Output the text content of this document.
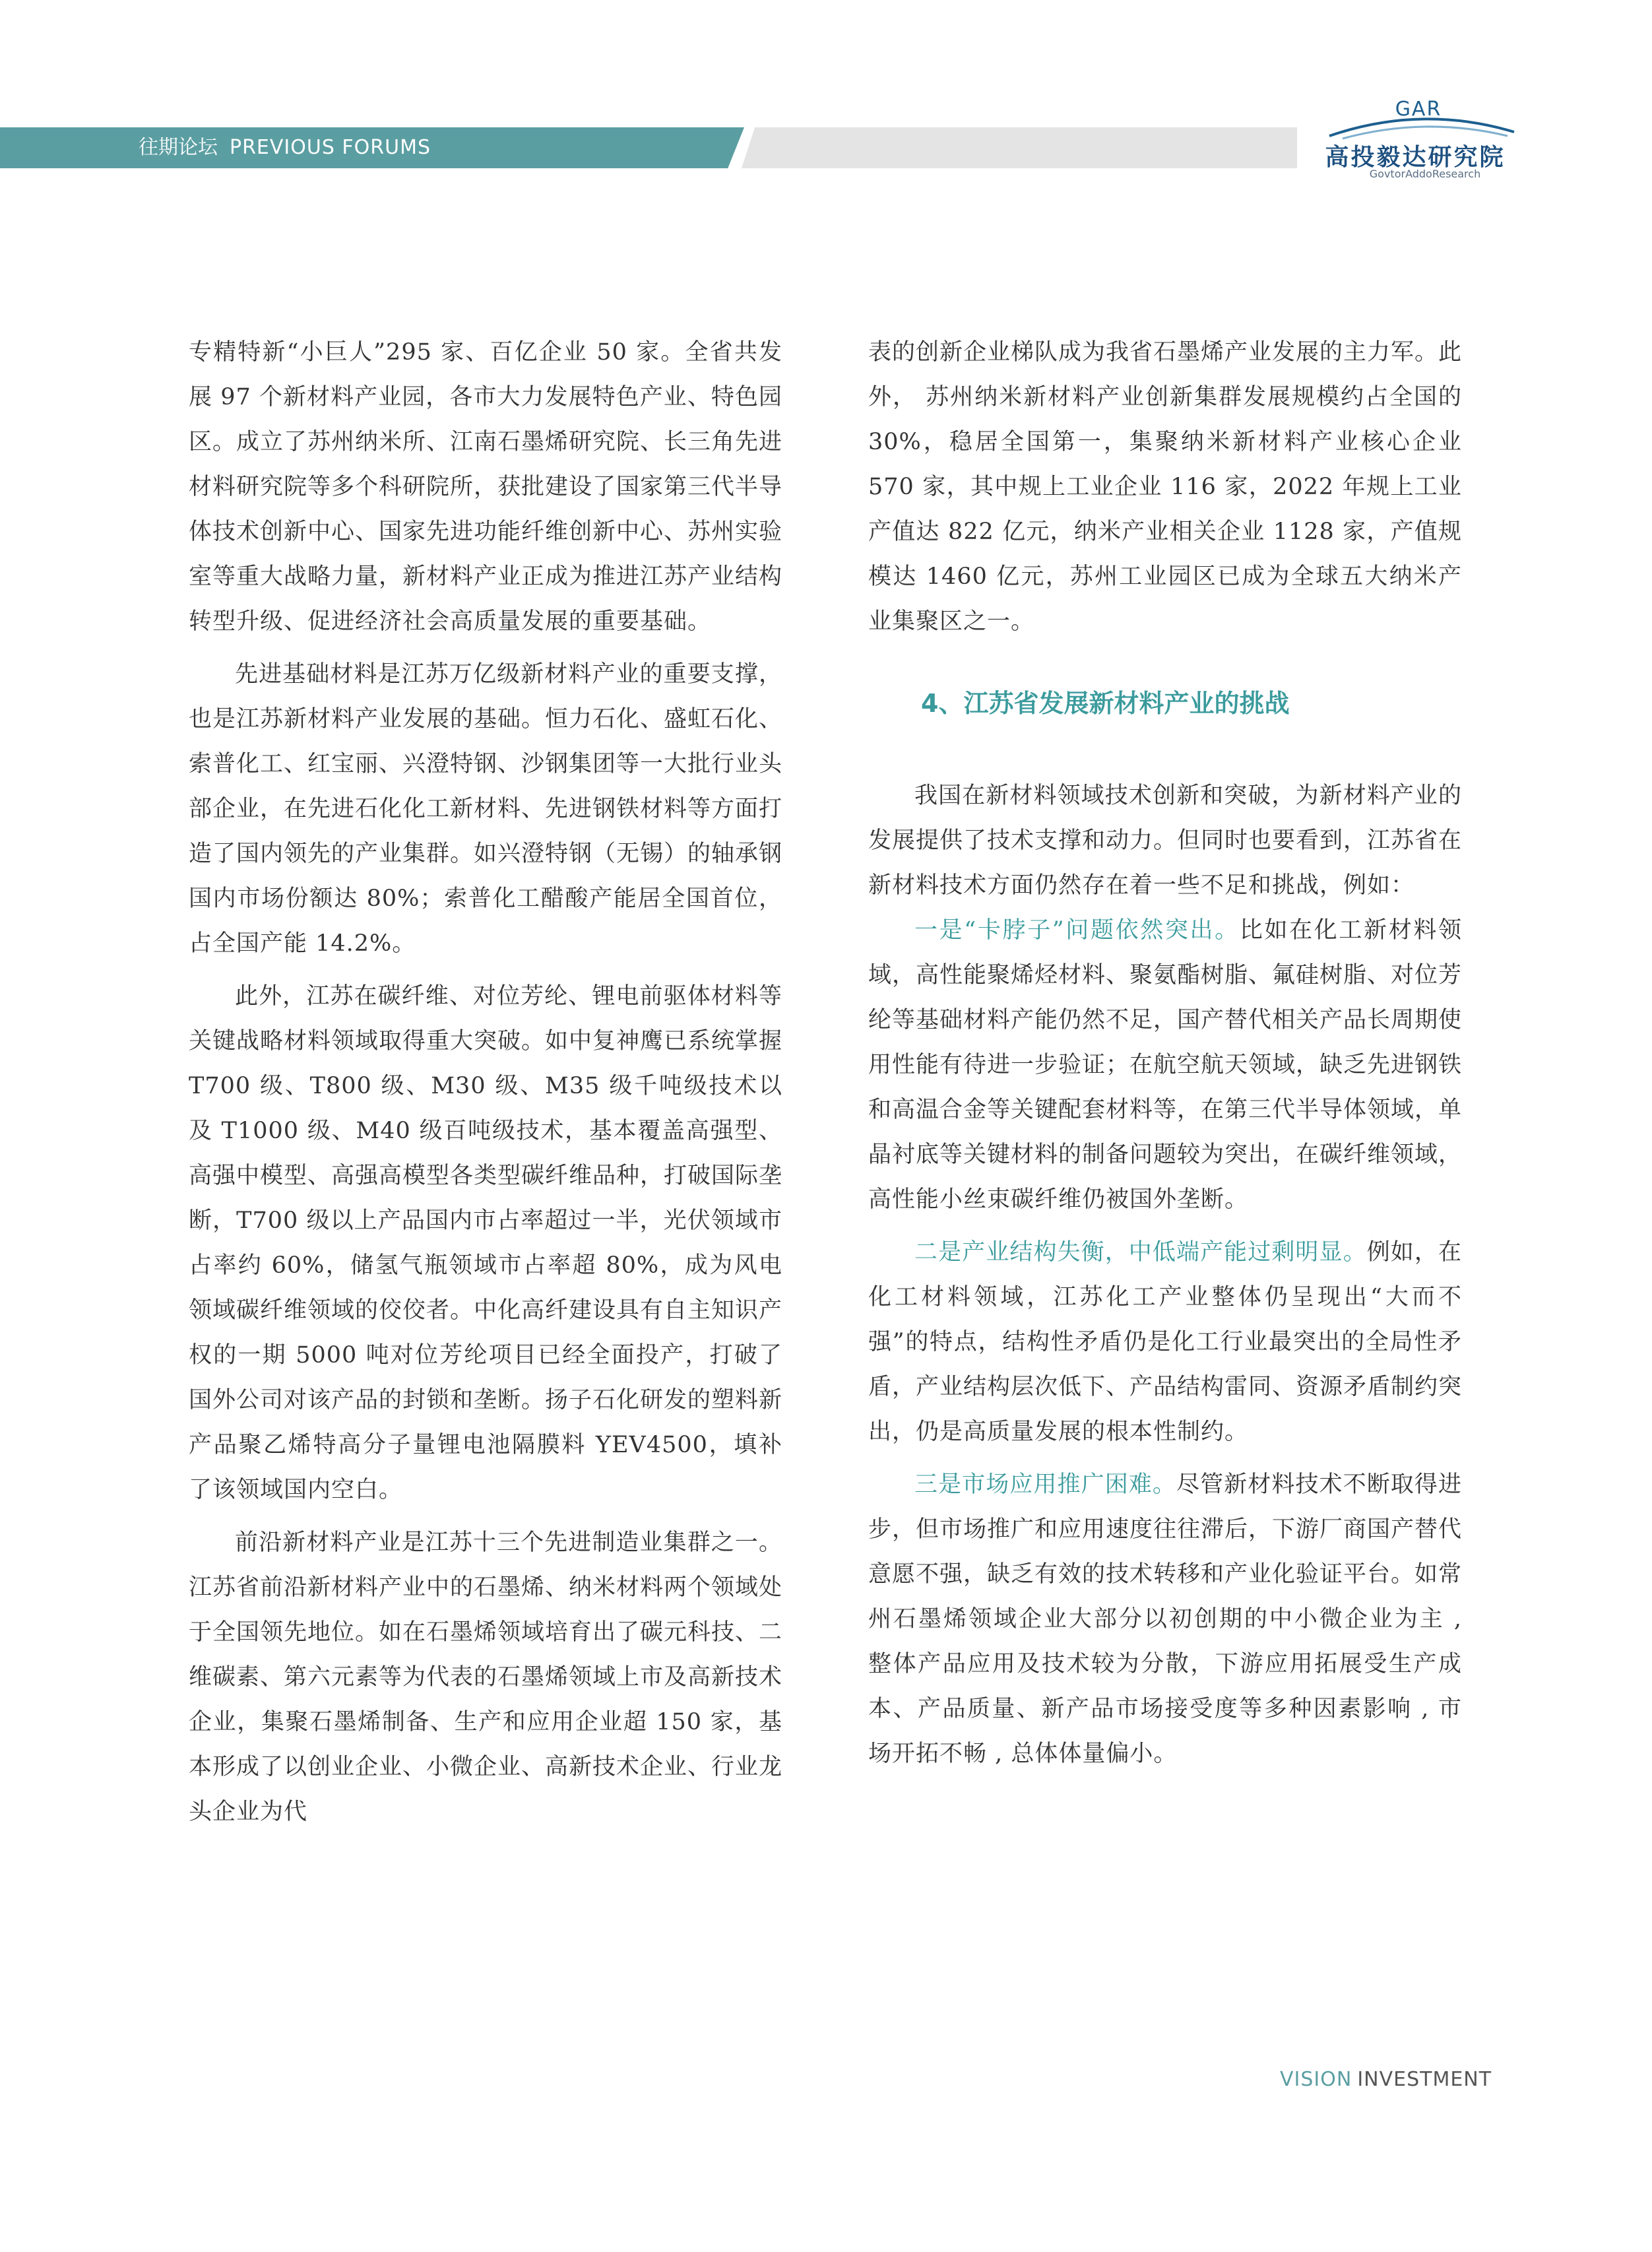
往期论坛 PREVIOUS FORUMS
GAR
高投毅达研究院
GovtorAddoResearch

专精特新“小巨人”295 家、百亿企业 50 家。全省共发展 97 个新材料产业园，各市大力发展特色产业、特色园区。成立了苏州纳米所、江南石墨烯研究院、长三角先进材料研究院等多个科研院所，获批建设了国家第三代半导体技术创新中心、国家先进功能纤维创新中心、苏州实验室等重大战略力量，新材料产业正成为推进江苏产业结构转型升级、促进经济社会高质量发展的重要基础。

先进基础材料是江苏万亿级新材料产业的重要支撑，也是江苏新材料产业发展的基础。恒力石化、盛虹石化、索普化工、红宝丽、兴澄特钢、沙钢集团等一大批行业头部企业，在先进石化化工新材料、先进钢铁材料等方面打造了国内领先的产业集群。如兴澄特钢（无锡）的轴承钢国内市场份额达 80%；索普化工醋酸产能居全国首位，占全国产能 14.2%。

此外，江苏在碳纤维、对位芳纶、锂电前驱体材料等关键战略材料领域取得重大突破。如中复神鹰已系统掌握 T700 级、T800 级、M30 级、M35 级千吨级技术以及 T1000 级、M40 级百吨级技术，基本覆盖高强型、高强中模型、高强高模型各类型碳纤维品种，打破国际垄断，T700 级以上产品国内市占率超过一半，光伏领域市占率约 60%，储氢气瓶领域市占率超 80%，成为风电领域碳纤维领域的佼佼者。中化高纤建设具有自主知识产权的一期 5000 吨对位芳纶项目已经全面投产，打破了国外公司对该产品的封锁和垄断。扬子石化研发的塑料新产品聚乙烯特高分子量锂电池隔膜料 YEV4500，填补了该领域国内空白。

前沿新材料产业是江苏十三个先进制造业集群之一。江苏省前沿新材料产业中的石墨烯、纳米材料两个领域处于全国领先地位。如在石墨烯领域培育出了碳元科技、二维碳素、第六元素等为代表的石墨烯领域上市及高新技术企业，集聚石墨烯制备、生产和应用企业超 150 家，基本形成了以创业企业、小微企业、高新技术企业、行业龙头企业为代

表的创新企业梯队成为我省石墨烯产业发展的主力军。此外， 苏州纳米新材料产业创新集群发展规模约占全国的 30%，稳居全国第一，集聚纳米新材料产业核心企业 570 家，其中规上工业企业 116 家，2022 年规上工业产值达 822 亿元，纳米产业相关企业 1128 家，产值规模达 1460 亿元，苏州工业园区已成为全球五大纳米产业集聚区之一。

4、江苏省发展新材料产业的挑战

我国在新材料领域技术创新和突破，为新材料产业的发展提供了技术支撑和动力。但同时也要看到，江苏省在新材料技术方面仍然存在着一些不足和挑战，例如：

一是“卡脖子”问题依然突出。比如在化工新材料领域，高性能聚烯烃材料、聚氨酯树脂、氟硅树脂、对位芳纶等基础材料产能仍然不足，国产替代相关产品长周期使用性能有待进一步验证；在航空航天领域，缺乏先进钢铁和高温合金等关键配套材料等，在第三代半导体领域，单晶衬底等关键材料的制备问题较为突出，在碳纤维领域，高性能小丝束碳纤维仍被国外垄断。

二是产业结构失衡，中低端产能过剩明显。例如，在化工材料领域，江苏化工产业整体仍呈现出“大而不强”的特点，结构性矛盾仍是化工行业最突出的全局性矛盾，产业结构层次低下、产品结构雷同、资源矛盾制约突出，仍是高质量发展的根本性制约。

三是市场应用推广困难。尽管新材料技术不断取得进步，但市场推广和应用速度往往滞后，下游厂商国产替代意愿不强，缺乏有效的技术转移和产业化验证平台。如常州石墨烯领域企业大部分以初创期的中小微企业为主 , 整体产品应用及技术较为分散，下游应用拓展受生产成本、产品质量、新产品市场接受度等多种因素影响 , 市场开拓不畅 , 总体体量偏小。

VISION INVESTMENT
